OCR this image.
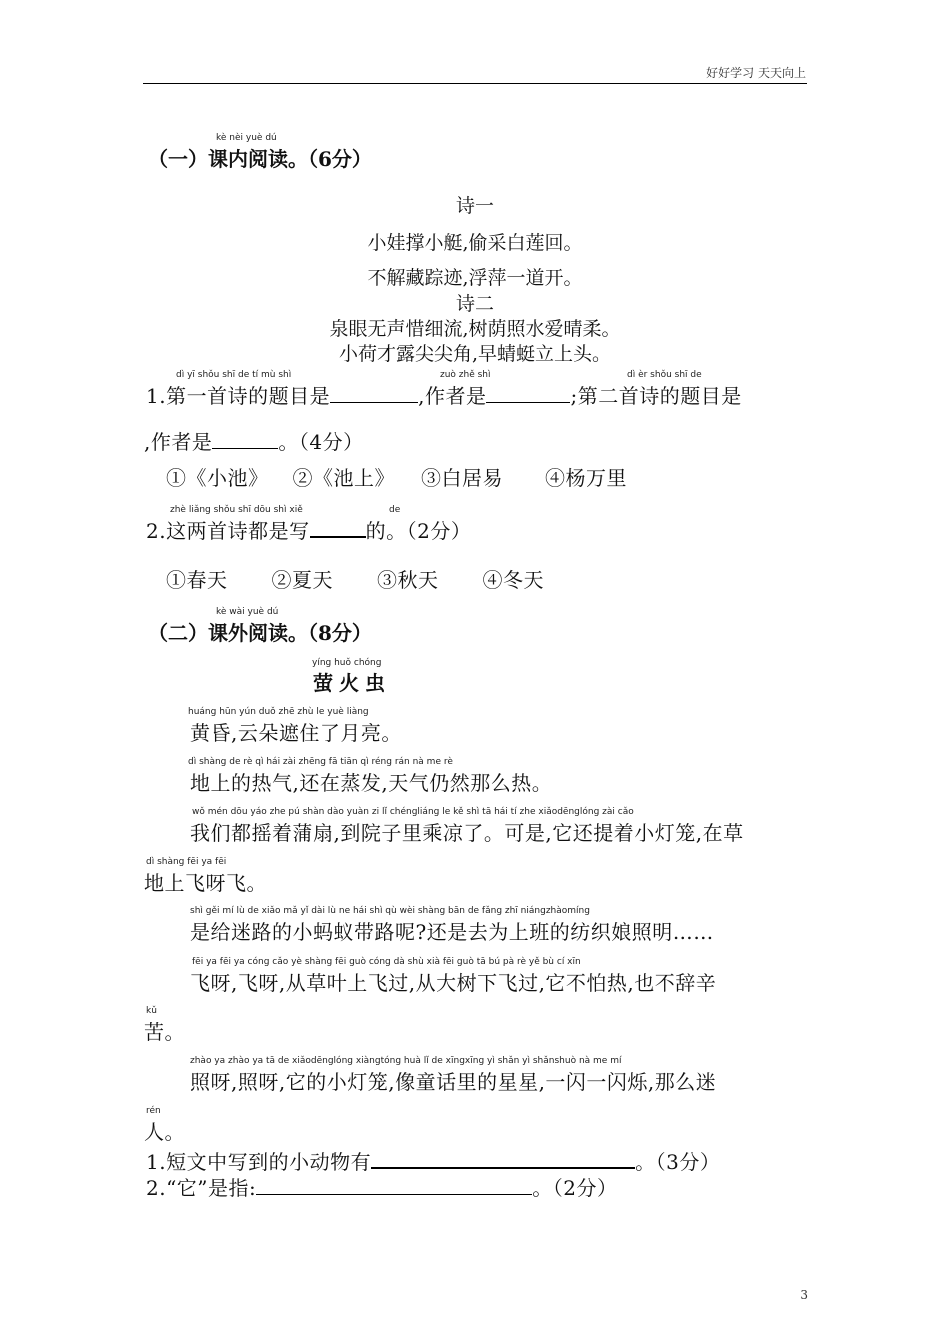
好好学习 天天向上
kè nèi yuè dú
（一）课内阅读。（6分）
诗一
小娃撑小艇,偷采白莲回。
不解藏踪迹,浮萍一道开。
诗二
泉眼无声惜细流,树荫照水爱晴柔。
小荷才露尖尖角,早蜻蜓立上头。
dì yī shǒu shī de tí mù shì	zuò zhě shì	dì èr shǒu shī de
1.第一首诗的题目是	,作者是	;第二首诗的题目是
,作者是	。（4分）
①《小池》 ②《池上》 ③白居易 ④杨万里
zhè liǎng shǒu shī dōu shì xiě	de
2.这两首诗都是写	的。（2分）
①春天 ②夏天 ③秋天 ④冬天
kè wài yuè dú
（二）课外阅读。（8分）
yíng huǒ chóng
萤火虫
huáng hūn yún duǒ zhē zhù le yuè liàng
黄昏,云朵遮住了月亮。
dì shàng de rè qì hái zài zhēng fā tiān qì réng rán nà me rè
地上的热气,还在蒸发,天气仍然那么热。
wǒ mén dōu yáo zhe pú shàn dào yuàn zi lǐ chéngliáng le kě shì tā hái tí zhe xiǎodēnglóng zài cǎo
我们都摇着蒲扇,到院子里乘凉了。可是,它还提着小灯笼,在草
dì shàng fēi ya fēi
地上飞呀飞。
shì gěi mí lù de xiǎo mǎ yǐ dài lù ne hái shì qù wèi shàng bān de fǎng zhī niángzhàomíng
是给迷路的小蚂蚁带路呢?还是去为上班的纺织娘照明……
fēi ya fēi ya cóng cǎo yè shàng fēi guò cóng dà shù xià fēi guò tā bú pà rè yě bù cí xīn
飞呀,飞呀,从草叶上飞过,从大树下飞过,它不怕热,也不辞辛
kǔ
苦。
zhào ya zhào ya tā de xiǎodēnglóng xiàngtóng huà lǐ de xīngxīng yì shǎn yì shǎnshuò nà me mí
照呀,照呀,它的小灯笼,像童话里的星星,一闪一闪烁,那么迷
rén
人。
1.短文中写到的小动物有	。（3分）
2.“它”是指:	。（2分）
3
